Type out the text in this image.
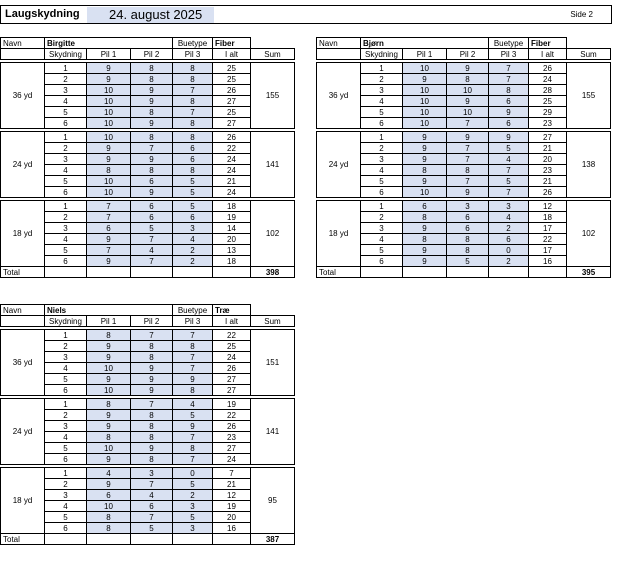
Laugskydning	24. august 2025	Side 2
Navn	Birgitte			Buetype	Fiber	
	Skydning	Pil 1	Pil 2	Pil 3	I alt	Sum

36 yd	1	9	8	8	25	155
	2	9	8	8	25	
	3	10	9	7	26	
	4	10	9	8	27	
	5	10	8	7	25	
	6	10	9	8	27	

24 yd	1	10	8	8	26	141
	2	9	7	6	22	
	3	9	9	6	24	
	4	8	8	8	24	
	5	10	6	5	21	
	6	10	9	5	24	

18 yd	1	7	6	5	18	102
	2	7	6	6	19	
	3	6	5	3	14	
	4	9	7	4	20	
	5	7	4	2	13	
	6	9	7	2	18	
Total						398
Navn	Bjørn			Buetype	Fiber	
	Skydning	Pil 1	Pil 2	Pil 3	I alt	Sum

36 yd	1	10	9	7	26	155
	2	9	8	7	24	
	3	10	10	8	28	
	4	10	9	6	25	
	5	10	10	9	29	
	6	10	7	6	23	

24 yd	1	9	9	9	27	138
	2	9	7	5	21	
	3	9	7	4	20	
	4	8	8	7	23	
	5	9	7	5	21	
	6	10	9	7	26	

18 yd	1	6	3	3	12	102
	2	8	6	4	18	
	3	9	6	2	17	
	4	8	8	6	22	
	5	9	8	0	17	
	6	9	5	2	16	
Total						395
Navn	Niels			Buetype	Træ	
	Skydning	Pil 1	Pil 2	Pil 3	I alt	Sum

36 yd	1	8	7	7	22	151
	2	9	8	8	25	
	3	9	8	7	24	
	4	10	9	7	26	
	5	9	9	9	27	
	6	10	9	8	27	

24 yd	1	8	7	4	19	141
	2	9	8	5	22	
	3	9	8	9	26	
	4	8	8	7	23	
	5	10	9	8	27	
	6	9	8	7	24	

18 yd	1	4	3	0	7	95
	2	9	7	5	21	
	3	6	4	2	12	
	4	10	6	3	19	
	5	8	7	5	20	
	6	8	5	3	16	
Total						387
